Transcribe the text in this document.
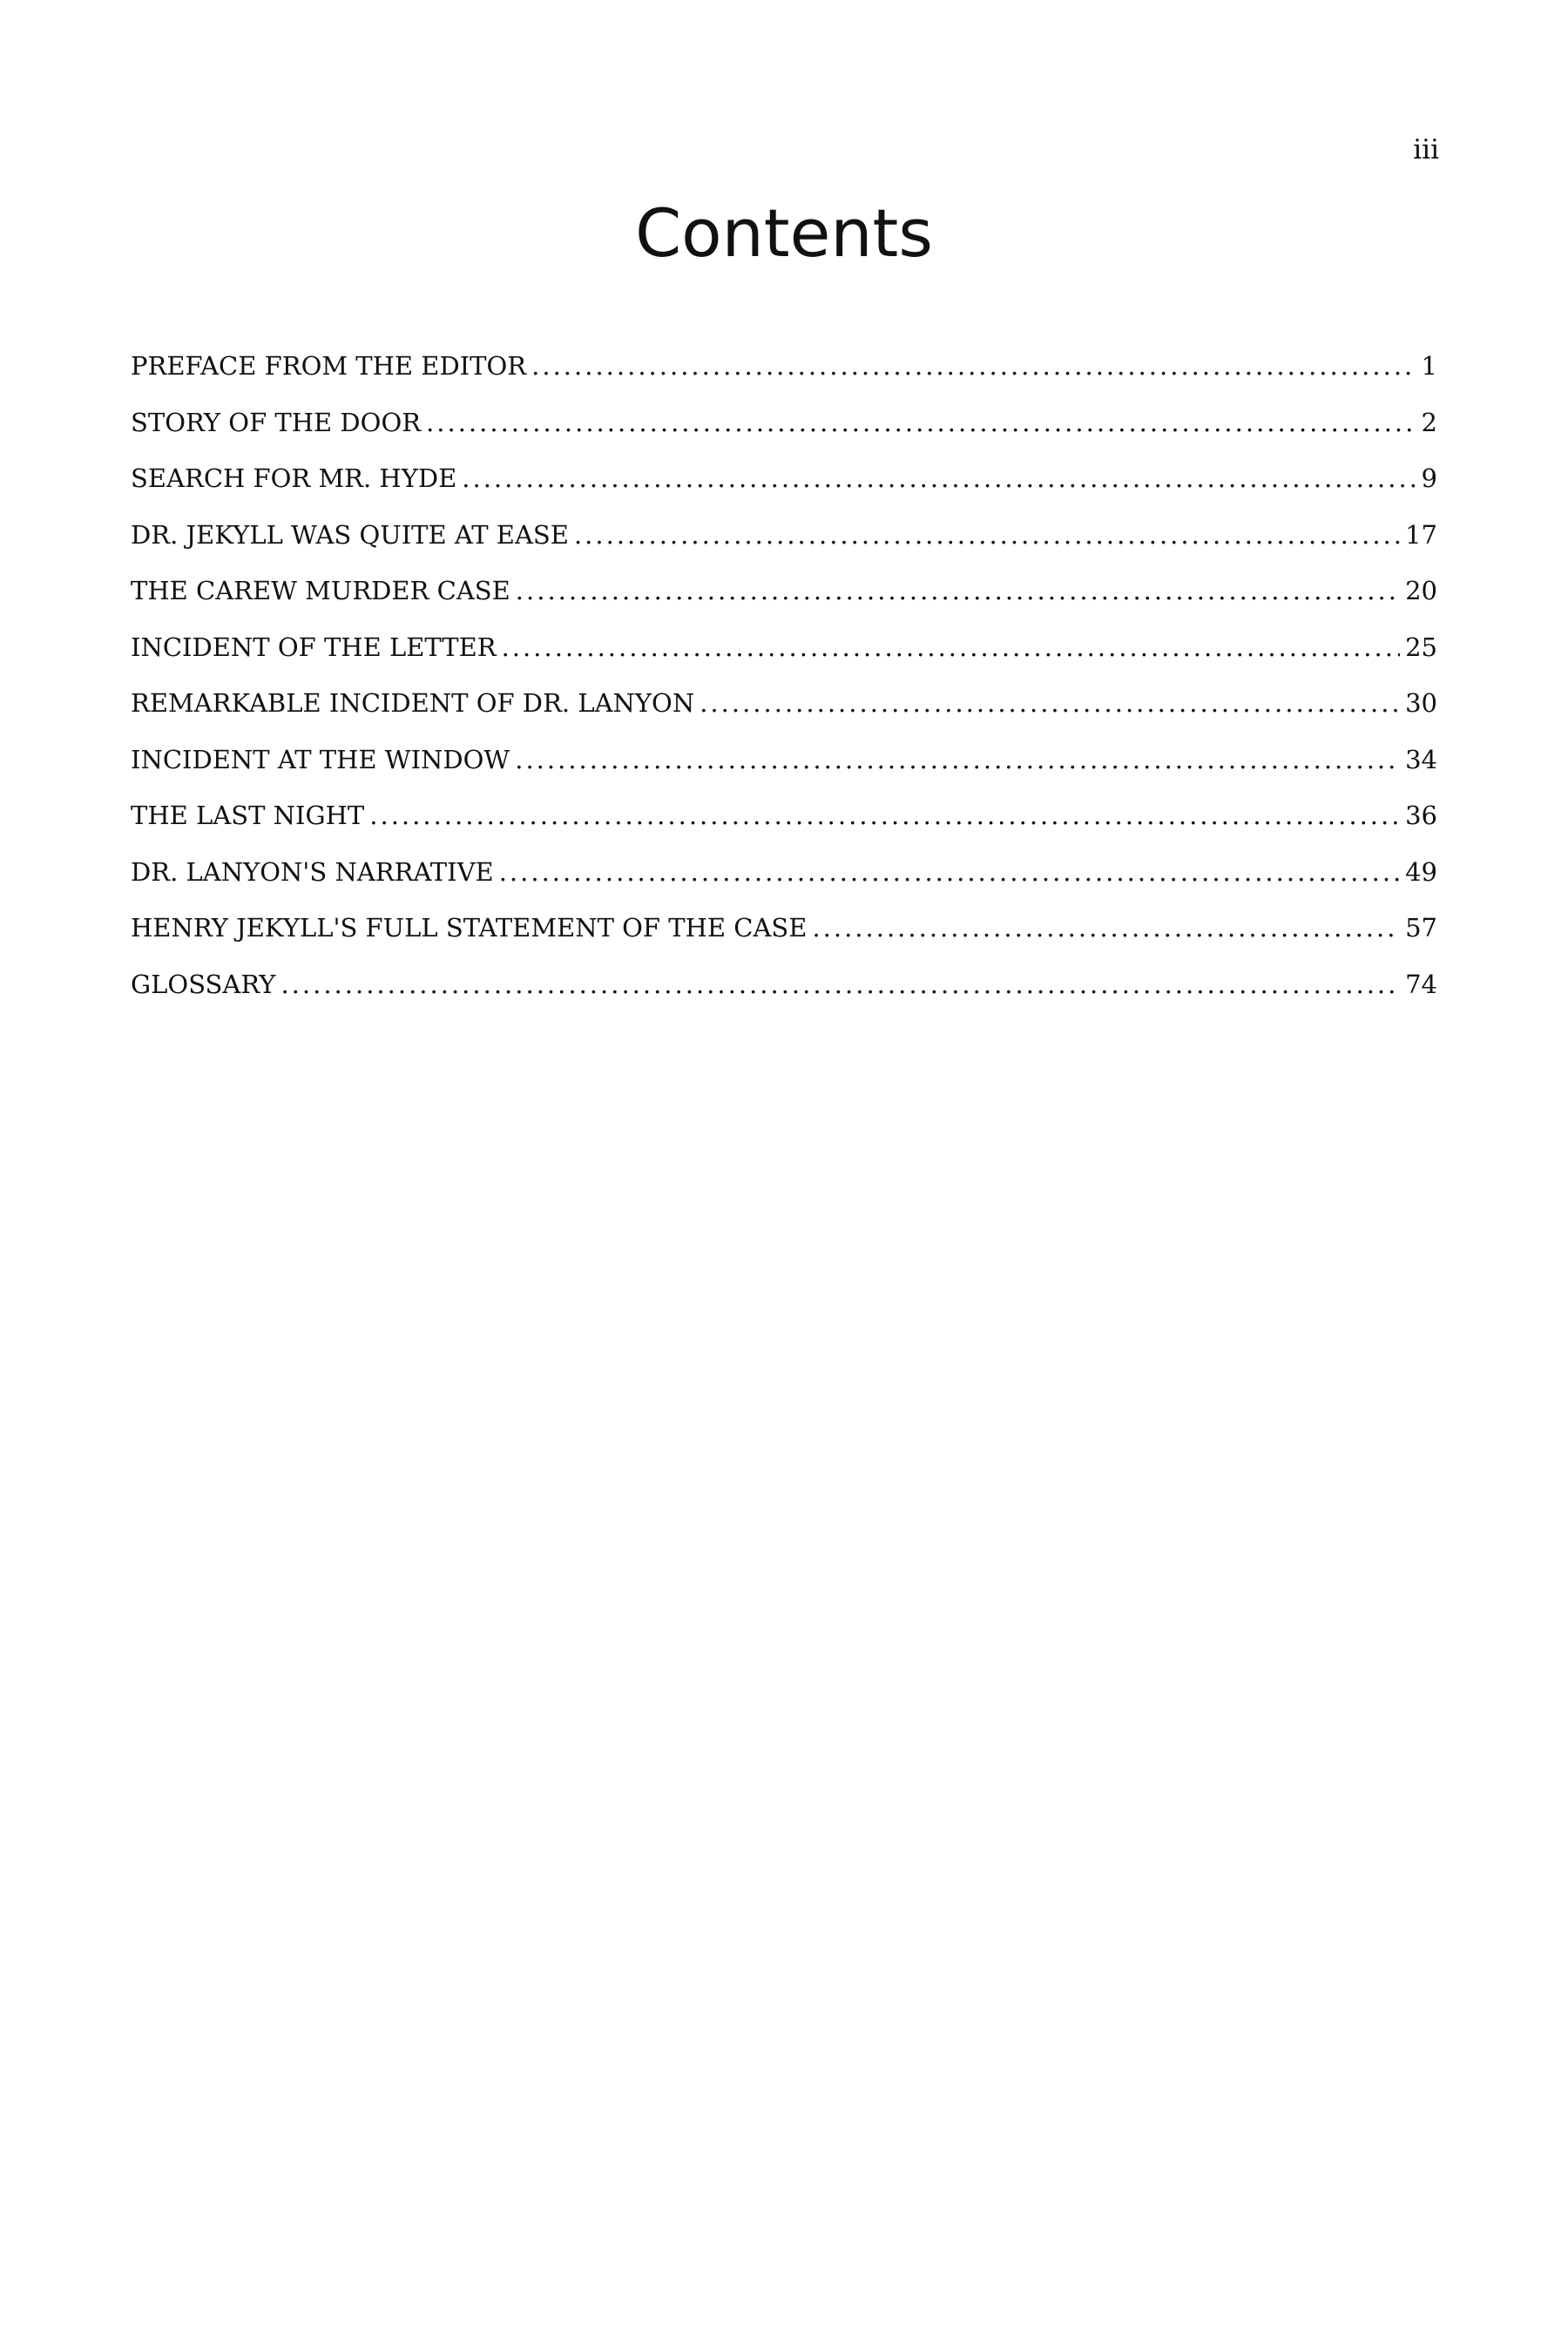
iii
Contents
PREFACE FROM THE EDITOR .....	1
STORY OF THE DOOR .....	2
SEARCH FOR MR. HYDE .....	9
DR. JEKYLL WAS QUITE AT EASE .....	17
THE CAREW MURDER CASE .....	20
INCIDENT OF THE LETTER .....	25
REMARKABLE INCIDENT OF DR. LANYON .....	30
INCIDENT AT THE WINDOW .....	34
THE LAST NIGHT .....	36
DR. LANYON'S NARRATIVE .....	49
HENRY JEKYLL'S FULL STATEMENT OF THE CASE .....	57
GLOSSARY .....	74
